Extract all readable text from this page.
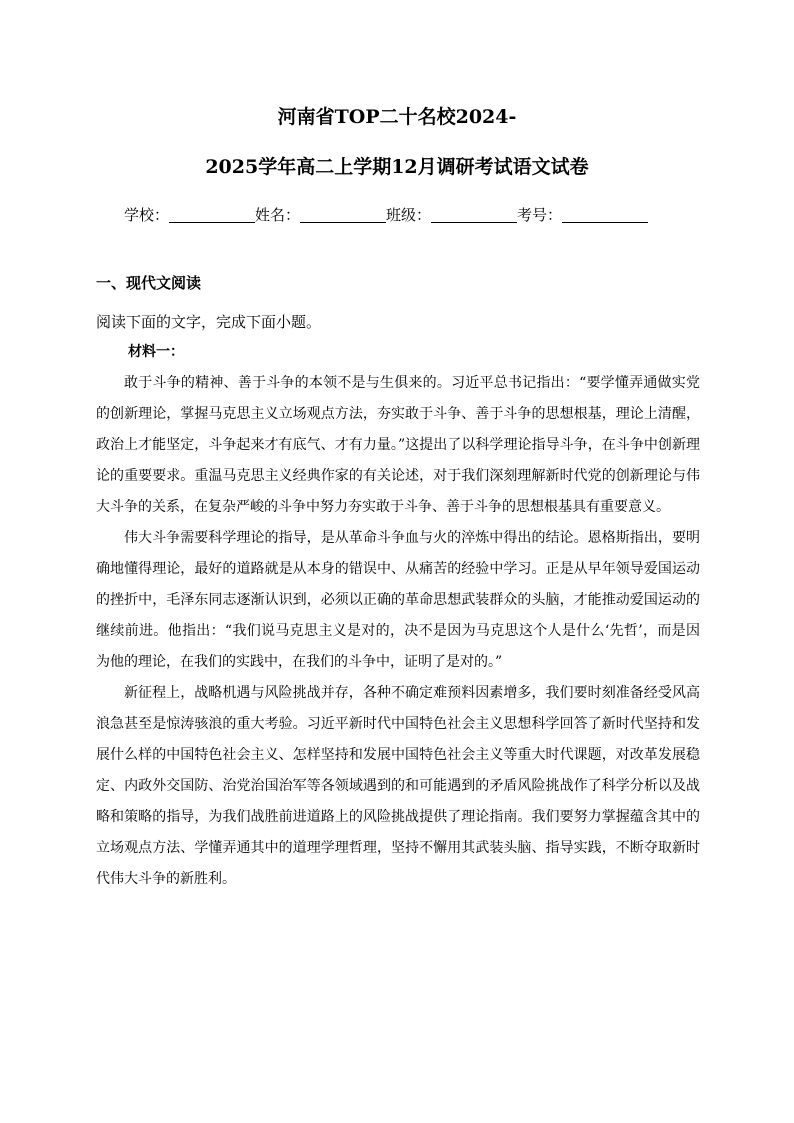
河南省TOP二十名校2024-
2025学年高二上学期12月调研考试语文试卷
学校：	姓名：	班级：	考号：
一、现代文阅读
阅读下面的文字，完成下面小题。
材料一：

敢于斗争的精神、善于斗争的本领不是与生俱来的。习近平总书记指出：“要学懂弄通做实党的创新理论，掌握马克思主义立场观点方法，夯实敢于斗争、善于斗争的思想根基，理论上清醒，政治上才能坚定，斗争起来才有底气、才有力量。”这提出了以科学理论指导斗争，在斗争中创新理论的重要要求。重温马克思主义经典作家的有关论述，对于我们深刻理解新时代党的创新理论与伟大斗争的关系，在复杂严峻的斗争中努力夯实敢于斗争、善于斗争的思想根基具有重要意义。

伟大斗争需要科学理论的指导，是从革命斗争血与火的淬炼中得出的结论。恩格斯指出，要明确地懂得理论，最好的道路就是从本身的错误中、从痛苦的经验中学习。正是从早年领导爱国运动的挫折中，毛泽东同志逐渐认识到，必须以正确的革命思想武装群众的头脑，才能推动爱国运动的继续前进。他指出：“我们说马克思主义是对的，决不是因为马克思这个人是什么‘先哲’，而是因为他的理论，在我们的实践中，在我们的斗争中，证明了是对的。”

新征程上，战略机遇与风险挑战并存，各种不确定难预料因素增多，我们要时刻准备经受风高浪急甚至是惊涛骇浪的重大考验。习近平新时代中国特色社会主义思想科学回答了新时代坚持和发展什么样的中国特色社会主义、怎样坚持和发展中国特色社会主义等重大时代课题，对改革发展稳定、内政外交国防、治党治国治军等各领域遇到的和可能遇到的矛盾风险挑战作了科学分析以及战略和策略的指导，为我们战胜前进道路上的风险挑战提供了理论指南。我们要努力掌握蕴含其中的立场观点方法、学懂弄通其中的道理学理哲理，坚持不懈用其武装头脑、指导实践，不断夺取新时代伟大斗争的新胜利。
